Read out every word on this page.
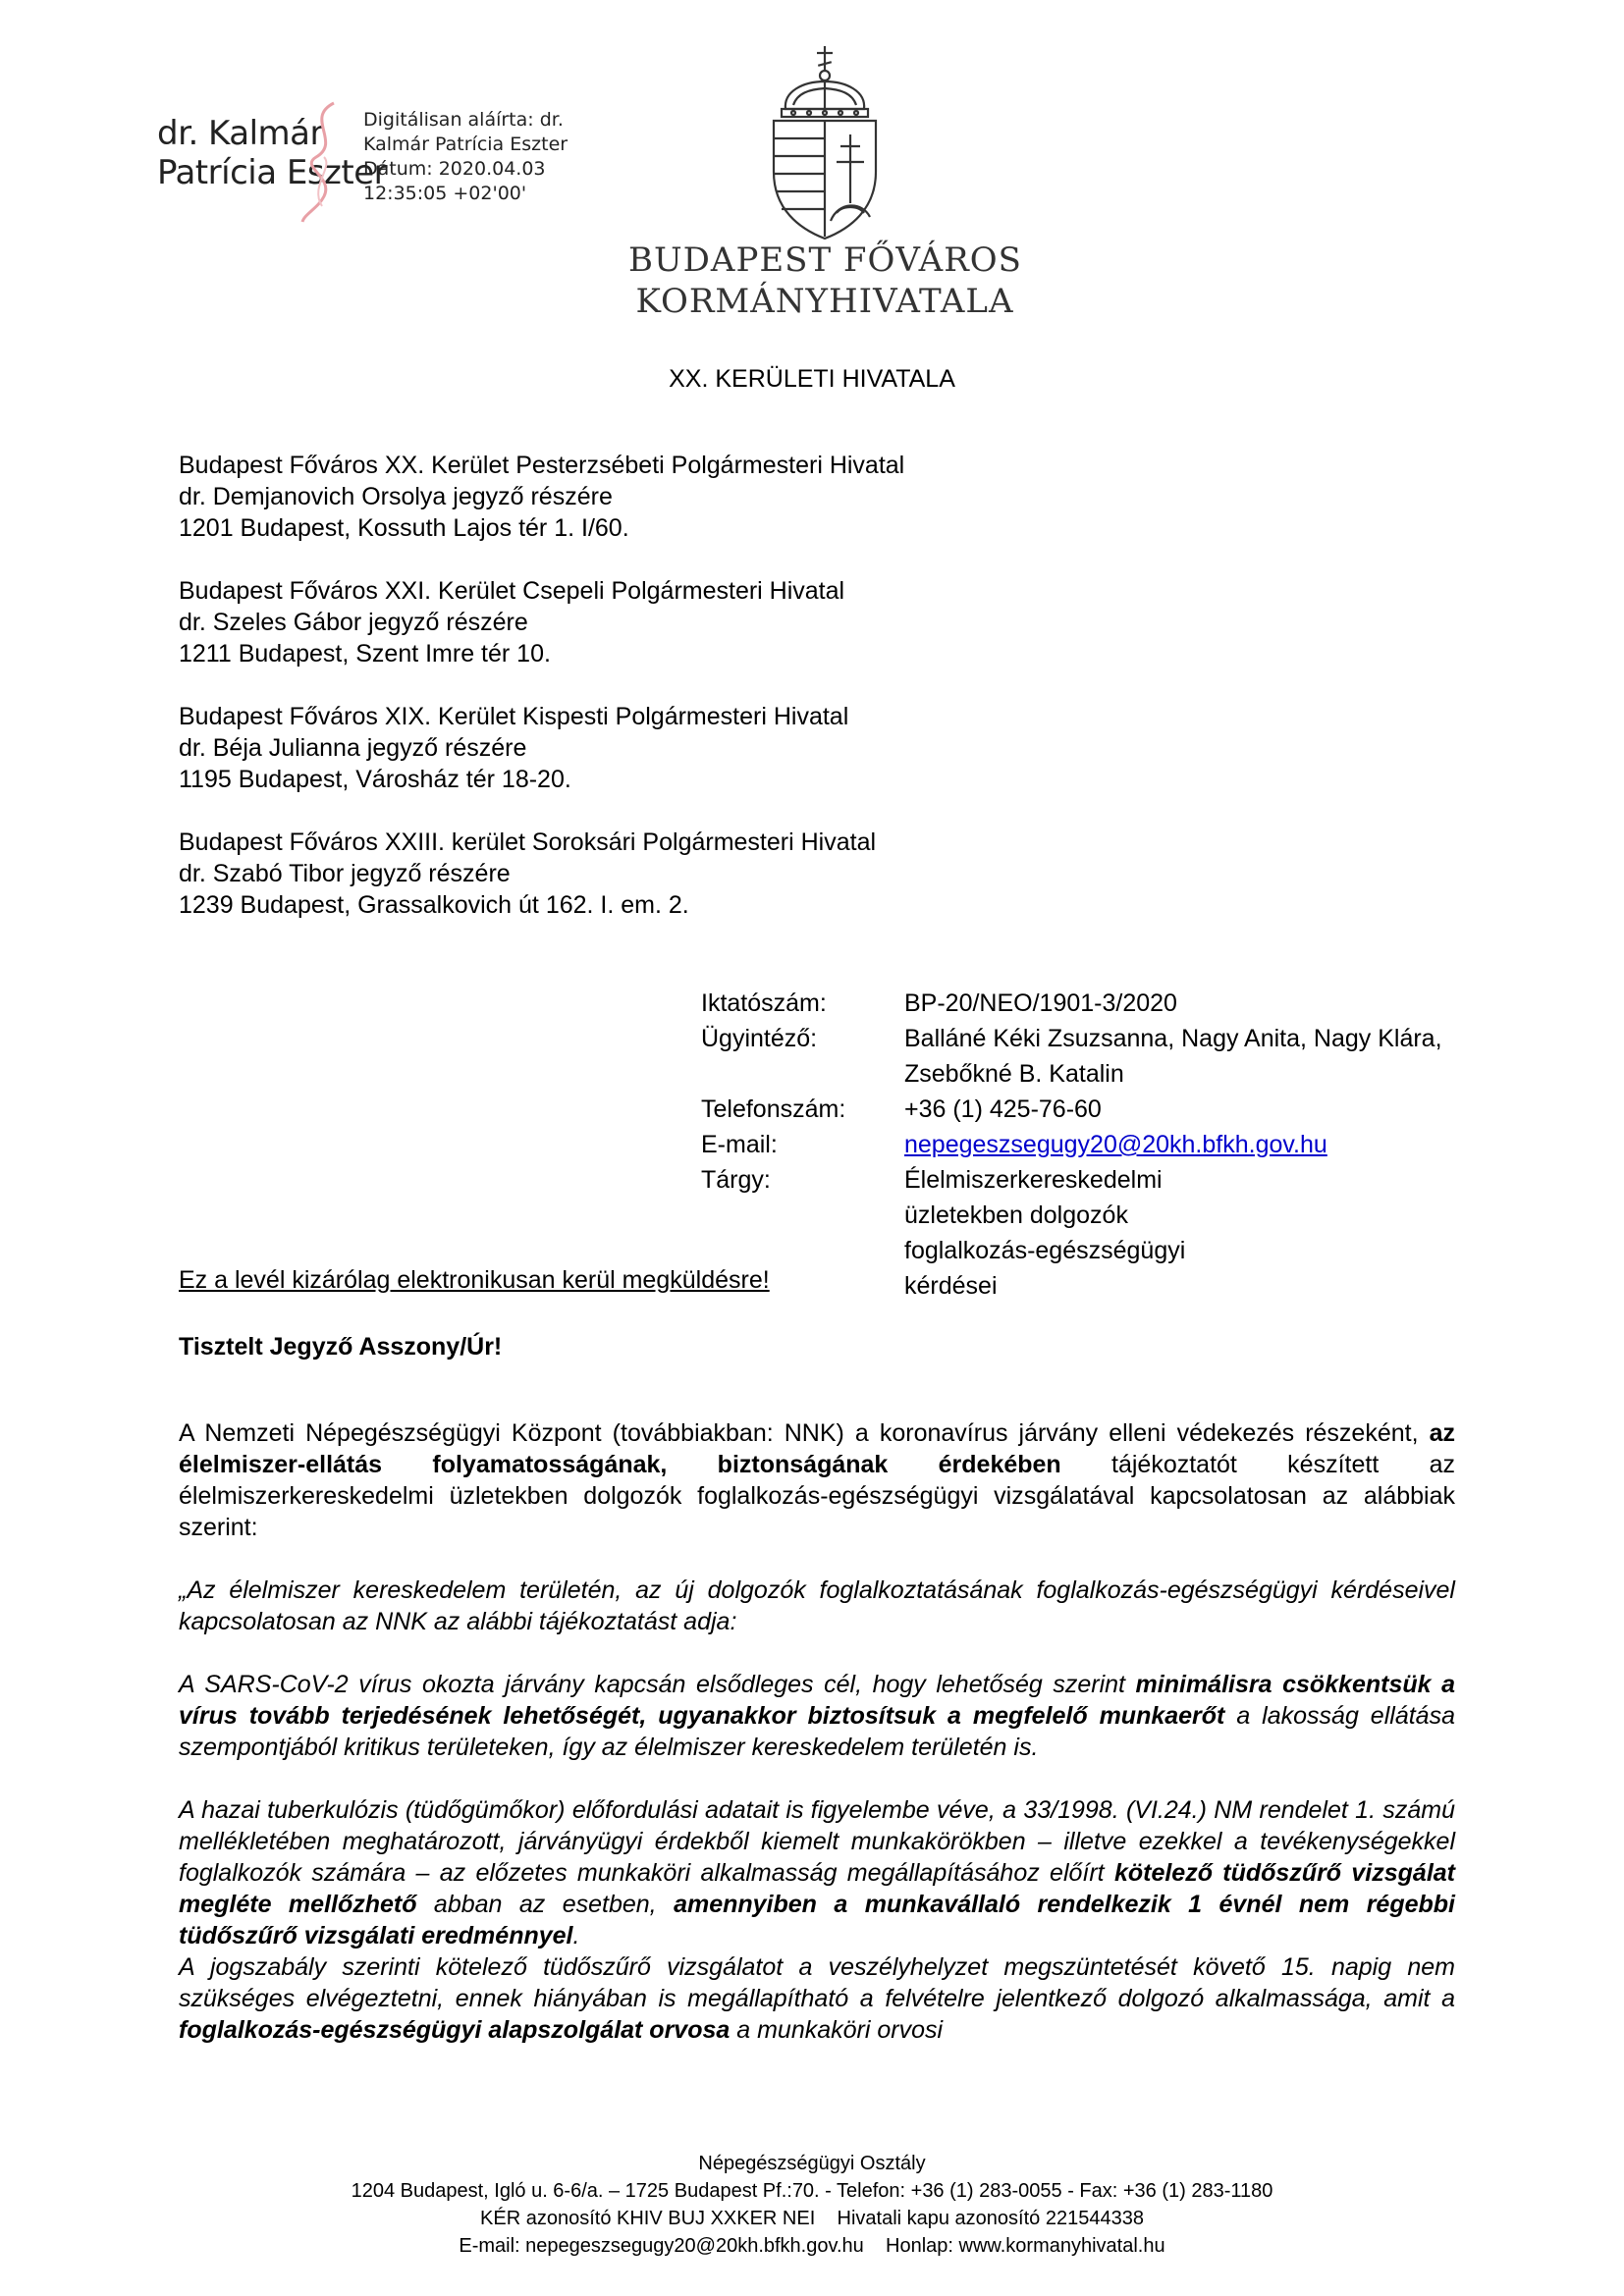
dr. Kalmár
Patrícia Eszter
Digitálisan aláírta: dr.
Kalmár Patrícia Eszter
Dátum: 2020.04.03
12:35:05 +02'00'
BUDAPEST FŐVÁROS
KORMÁNYHIVATALA
XX. KERÜLETI HIVATALA
Budapest Főváros XX. Kerület Pesterzsébeti Polgármesteri Hivatal
dr. Demjanovich Orsolya jegyző részére
1201 Budapest, Kossuth Lajos tér 1. I/60.
Budapest Főváros XXI. Kerület Csepeli Polgármesteri Hivatal
dr. Szeles Gábor jegyző részére
1211 Budapest, Szent Imre tér 10.
Budapest Főváros XIX. Kerület Kispesti Polgármesteri Hivatal
dr. Béja Julianna jegyző részére
1195 Budapest, Városház tér 18-20.
Budapest Főváros XXIII. kerület Soroksári Polgármesteri Hivatal
dr. Szabó Tibor jegyző részére
1239 Budapest, Grassalkovich út 162. I. em. 2.
Iktatószám:	BP-20/NEO/1901-3/2020
Ügyintéző:	Balláné Kéki Zsuzsanna, Nagy Anita, Nagy Klára, Zsebőkné B. Katalin
Telefonszám:	+36 (1) 425-76-60
E-mail:	nepegeszsegugy20@20kh.bfkh.gov.hu
Tárgy:	Élelmiszerkereskedelmi üzletekben dolgozók foglalkozás-egészségügyi kérdései
Ez a levél kizárólag elektronikusan kerül megküldésre!
Tisztelt Jegyző Asszony/Úr!

A Nemzeti Népegészségügyi Központ (továbbiakban: NNK) a koronavírus járvány elleni védekezés részeként, az élelmiszer-ellátás folyamatosságának, biztonságának érdekében tájékoztatót készített az élelmiszerkereskedelmi üzletekben dolgozók foglalkozás-egészségügyi vizsgálatával kapcsolatosan az alábbiak szerint:

„Az élelmiszer kereskedelem területén, az új dolgozók foglalkoztatásának foglalkozás-egészségügyi kérdéseivel kapcsolatosan az NNK az alábbi tájékoztatást adja:

A SARS-CoV-2 vírus okozta járvány kapcsán elsődleges cél, hogy lehetőség szerint minimálisra csökkentsük a vírus tovább terjedésének lehetőségét, ugyanakkor biztosítsuk a megfelelő munkaerőt a lakosság ellátása szempontjából kritikus területeken, így az élelmiszer kereskedelem területén is.

A hazai tuberkulózis (tüdőgümőkor) előfordulási adatait is figyelembe véve, a 33/1998. (VI.24.) NM rendelet 1. számú mellékletében meghatározott, járványügyi érdekből kiemelt munkakörökben – illetve ezekkel a tevékenységekkel foglalkozók számára – az előzetes munkaköri alkalmasság megállapításához előírt kötelező tüdőszűrő vizsgálat megléte mellőzhető abban az esetben, amennyiben a munkavállaló rendelkezik 1 évnél nem régebbi tüdőszűrő vizsgálati eredménnyel.

A jogszabály szerinti kötelező tüdőszűrő vizsgálatot a veszélyhelyzet megszüntetését követő 15. napig nem szükséges elvégeztetni, ennek hiányában is megállapítható a felvételre jelentkező dolgozó alkalmassága, amit a foglalkozás-egészségügyi alapszolgálat orvosa a munkaköri orvosi

Népegészségügyi Osztály
1204 Budapest, Igló u. 6-6/a. – 1725 Budapest Pf.:70. - Telefon: +36 (1) 283-0055 - Fax: +36 (1) 283-1180
KÉR azonosító KHIV BUJ XXKER NEI    Hivatali kapu azonosító 221544338
E-mail: nepegeszsegugy20@20kh.bfkh.gov.hu    Honlap: www.kormanyhivatal.hu
